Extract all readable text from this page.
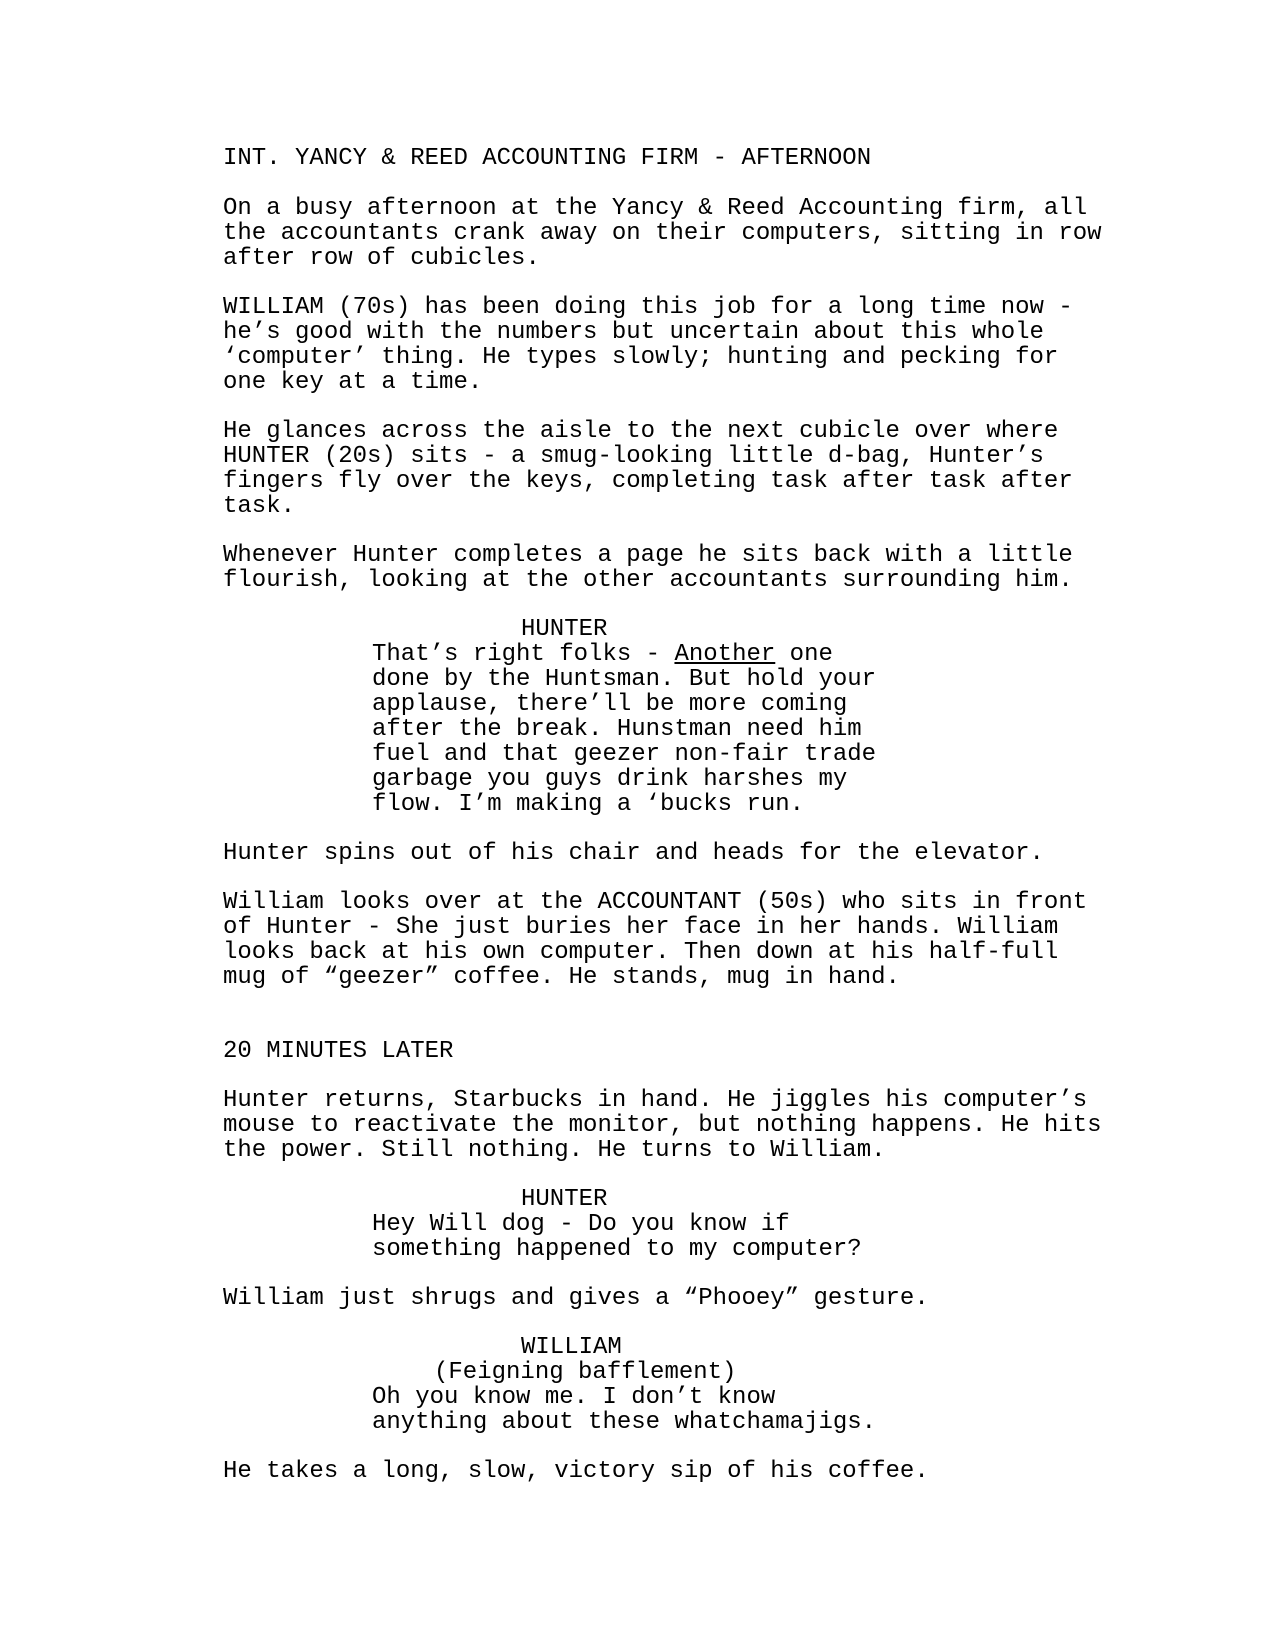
INT. YANCY & REED ACCOUNTING FIRM - AFTERNOON
On a busy afternoon at the Yancy & Reed Accounting firm, all
the accountants crank away on their computers, sitting in row
after row of cubicles.
WILLIAM (70s) has been doing this job for a long time now -
he’s good with the numbers but uncertain about this whole
‘computer’ thing. He types slowly; hunting and pecking for
one key at a time.
He glances across the aisle to the next cubicle over where
HUNTER (20s) sits - a smug-looking little d-bag, Hunter’s
fingers fly over the keys, completing task after task after
task.
Whenever Hunter completes a page he sits back with a little
flourish, looking at the other accountants surrounding him.
HUNTER
That’s right folks - Another one
done by the Huntsman. But hold your
applause, there’ll be more coming
after the break. Hunstman need him
fuel and that geezer non-fair trade
garbage you guys drink harshes my
flow. I’m making a ‘bucks run.
Hunter spins out of his chair and heads for the elevator.
William looks over at the ACCOUNTANT (50s) who sits in front
of Hunter - She just buries her face in her hands. William
looks back at his own computer. Then down at his half-full
mug of “geezer” coffee. He stands, mug in hand.
20 MINUTES LATER
Hunter returns, Starbucks in hand. He jiggles his computer’s
mouse to reactivate the monitor, but nothing happens. He hits
the power. Still nothing. He turns to William.
HUNTER
Hey Will dog - Do you know if
something happened to my computer?
William just shrugs and gives a “Phooey” gesture.
WILLIAM
(Feigning bafflement)
Oh you know me. I don’t know
anything about these whatchamajigs.
He takes a long, slow, victory sip of his coffee.
